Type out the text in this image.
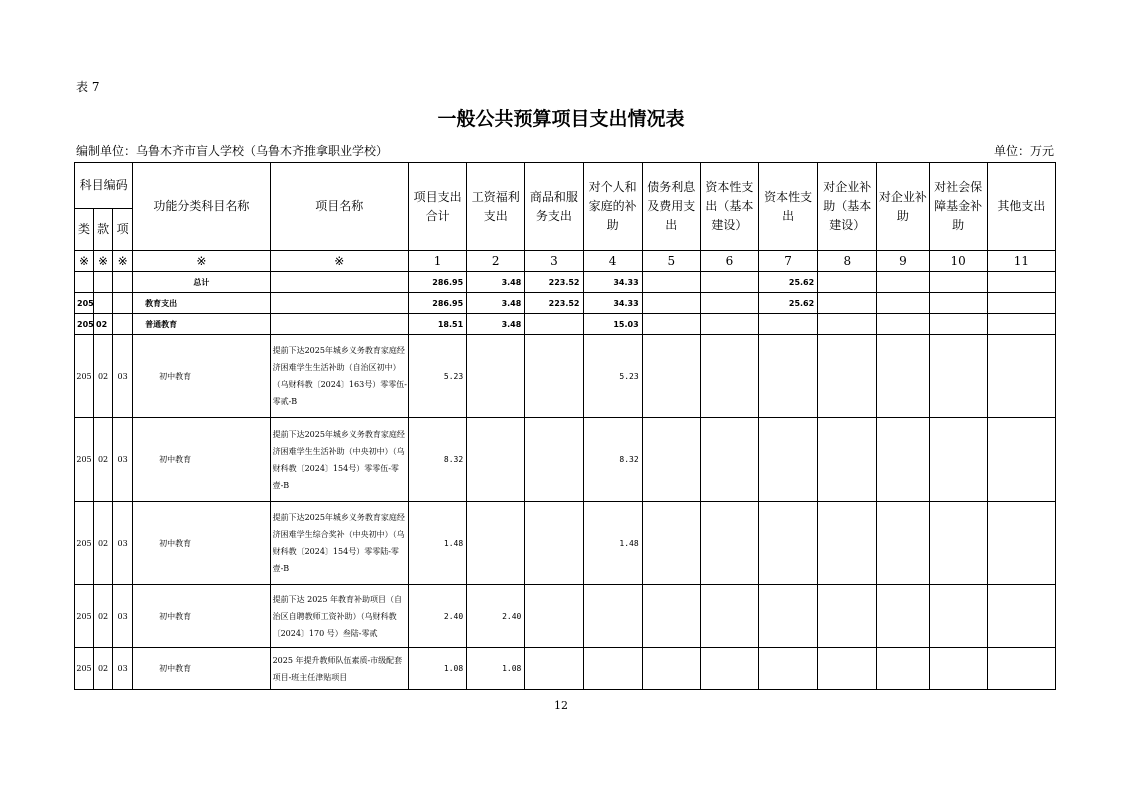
表 7
一般公共预算项目支出情况表
编制单位：乌鲁木齐市盲人学校（乌鲁木齐推拿职业学校）	单位：万元
科目编码			功能分类科目名称	项目名称	项目支出合计	工资福利支出	商品和服务支出	对个人和家庭的补助	债务利息及费用支出	资本性支出（基本建设）	资本性支出	对企业补助（基本建设）	对企业补助	对社会保障基金补助	其他支出
类	款	项													
※	※	※	※	※	1	2	3	4	5	6	7	8	9	10	11
			总计		286.95	3.48	223.52	34.33			25.62				
205			教育支出		286.95	3.48	223.52	34.33			25.62				
205	02		普通教育		18.51	3.48		15.03							
205	02	03	初中教育	提前下达2025年城乡义务教育家庭经济困难学生生活补助（自治区初中）（乌财科教〔2024〕163号）零零伍-零贰-B	5.23			5.23							
205	02	03	初中教育	提前下达2025年城乡义务教育家庭经济困难学生生活补助（中央初中）（乌财科教〔2024〕154号）零零伍-零壹-B	8.32			8.32							
205	02	03	初中教育	提前下达2025年城乡义务教育家庭经济困难学生综合奖补（中央初中）（乌财科教〔2024〕154号）零零陆-零壹-B	1.48			1.48							
205	02	03	初中教育	提前下达 2025 年教育补助项目（自治区自聘教师工资补助）（乌财科教〔2024〕170 号）叁陆-零贰	2.40	2.40									
205	02	03	初中教育	2025 年提升教师队伍素质-市级配套项目-班主任津贴项目	1.08	1.08									
12
